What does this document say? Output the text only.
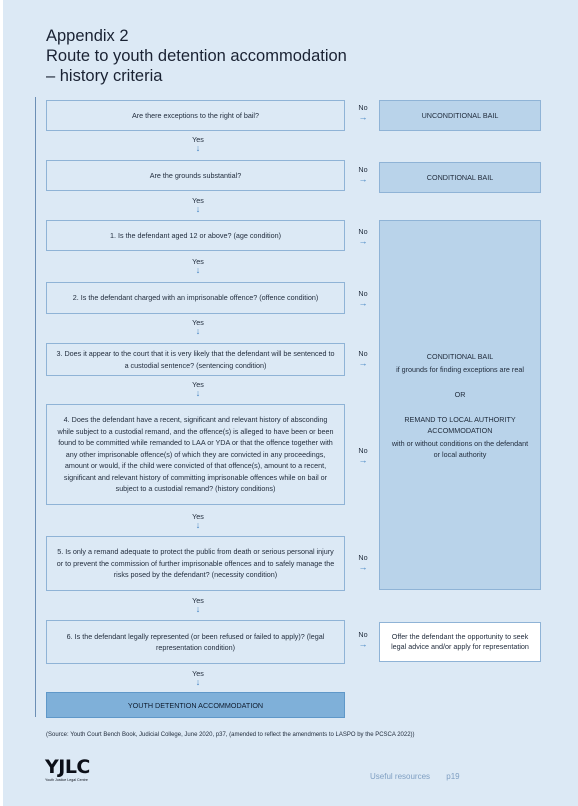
Appendix 2
Route to youth detention accommodation
– history criteria
Are there exceptions to the right of bail?
No
→	UNCONDITIONAL BAIL
Yes
↓
Are the grounds substantial?
No
→	CONDITIONAL BAIL
Yes
↓
1. Is the defendant aged 12 or above? (age condition)	No
→
Yes
↓
2. Is the defendant charged with an imprisonable offence? (offence condition)	No
→
Yes
↓
3. Does it appear to the court that it is very likely that the defendant will be sentenced to a custodial sentence? (sentencing condition)
No
→
Yes
↓
4. Does the defendant have a recent, significant and relevant history of absconding while subject to a custodial remand, and the offence(s) is alleged to have been or been found to be committed while remanded to LAA or YDA or that the offence together with any other imprisonable offence(s) of which they are convicted in any proceedings, amount or would, if the child were convicted of that offence(s), amount to a recent, significant and relevant history of committing imprisonable offences while on bail or subject to a custodial remand? (history conditions)
No
→
Yes
↓
5. Is only a remand adequate to protect the public from death or serious personal injury or to prevent the commission of further imprisonable offences and to safely manage the risks posed by the defendant? (necessity condition)
No
→
Yes
↓
6. Is the defendant legally represented (or been refused or failed to apply)? (legal representation condition)
No
→
Yes
↓
CONDITIONAL BAIL
if grounds for finding exceptions are real
OR
REMAND TO LOCAL AUTHORITY ACCOMMODATION
with or without conditions on the defendant or local authority
Offer the defendant the opportunity to seek legal advice and/or apply for representation
YOUTH DETENTION ACCOMMODATION
(Source: Youth Court Bench Book, Judicial College, June 2020, p37, (amended to reflect the amendments to LASPO by the PCSCA 2022))
YJLC
Youth Justice Legal Centre	Useful resources p19
